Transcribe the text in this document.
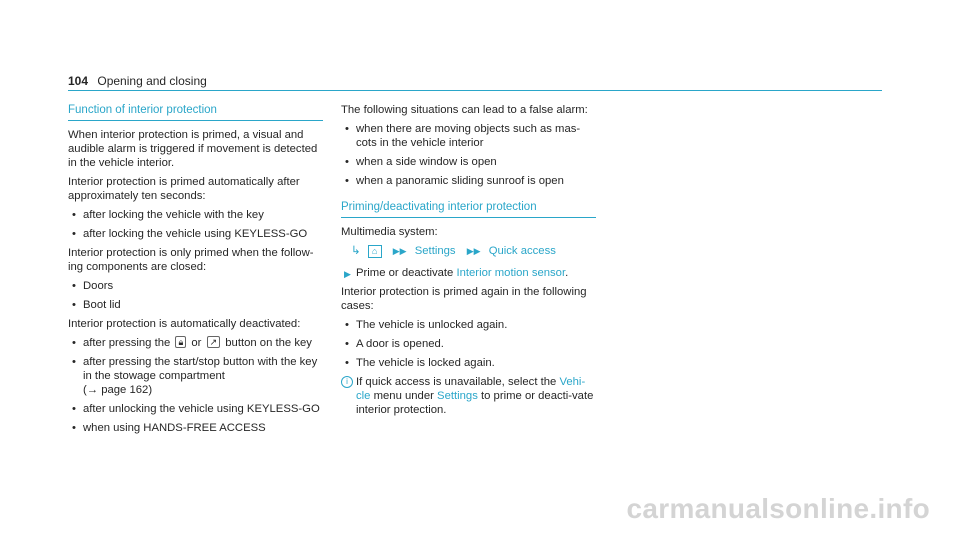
104 Opening and closing
Function of interior protection

When interior protection is primed, a visual and audible alarm is triggered if movement is detected in the vehicle interior.

Interior protection is primed automatically after approximately ten seconds:

• after locking the vehicle with the key
• after locking the vehicle using KEYLESS-GO

Interior protection is only primed when the follow-ing components are closed:

• Doors
• Boot lid

Interior protection is automatically deactivated:

• after pressing the 🔒︎ or ↗ button on the key
• after pressing the start/stop button with the key in the stowage compartment
(→ page 162)
• after unlocking the vehicle using KEYLESS-GO
• when using HANDS-FREE ACCESS

The following situations can lead to a false alarm:

• when there are moving objects such as mas-cots in the vehicle interior
• when a side window is open
• when a panoramic sliding sunroof is open
Priming/deactivating interior protection

Multimedia system:

↳ ⌂ ▶▶ Settings ▶▶ Quick access
▶ Prime or deactivate Interior motion sensor.

Interior protection is primed again in the following cases:

• The vehicle is unlocked again.
• A door is opened.
• The vehicle is locked again.
i If quick access is unavailable, select the Vehi-cle menu under Settings to prime or deacti-vate interior protection.
carmanualsonline.info
